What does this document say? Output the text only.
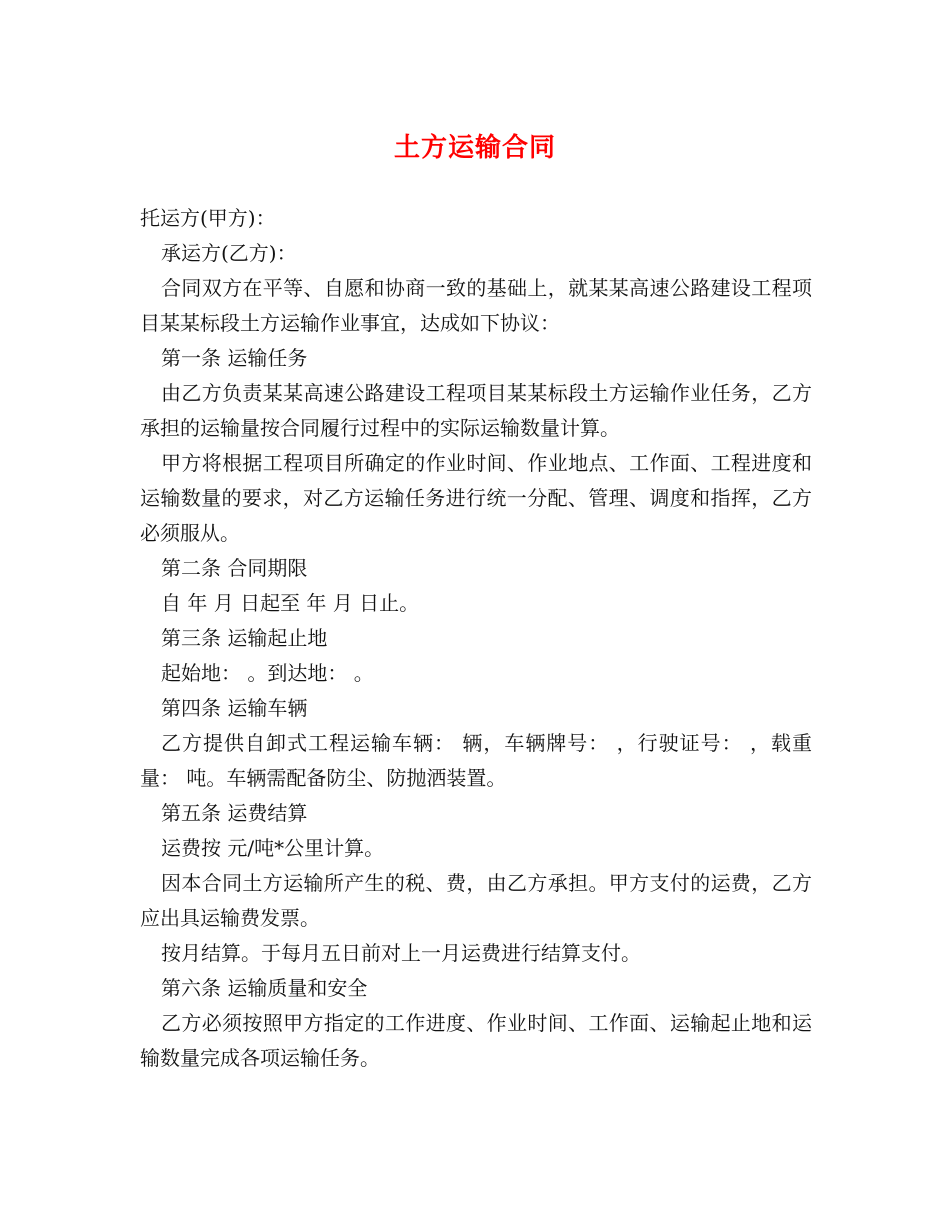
土方运输合同

托运方(甲方)：

承运方(乙方)：

合同双方在平等、自愿和协商一致的基础上，就某某高速公路建设工程项目某某标段土方运输作业事宜，达成如下协议：

第一条 运输任务

由乙方负责某某高速公路建设工程项目某某标段土方运输作业任务，乙方承担的运输量按合同履行过程中的实际运输数量计算。

甲方将根据工程项目所确定的作业时间、作业地点、工作面、工程进度和运输数量的要求，对乙方运输任务进行统一分配、管理、调度和指挥，乙方必须服从。

第二条 合同期限

自 年 月 日起至 年 月 日止。

第三条 运输起止地

起始地： 。到达地： 。

第四条 运输车辆

乙方提供自卸式工程运输车辆： 辆，车辆牌号： ，行驶证号： ，载重量： 吨。车辆需配备防尘、防抛洒装置。

第五条 运费结算

运费按 元/吨*公里计算。

因本合同土方运输所产生的税、费，由乙方承担。甲方支付的运费，乙方应出具运输费发票。

按月结算。于每月五日前对上一月运费进行结算支付。

第六条 运输质量和安全

乙方必须按照甲方指定的工作进度、作业时间、工作面、运输起止地和运输数量完成各项运输任务。
